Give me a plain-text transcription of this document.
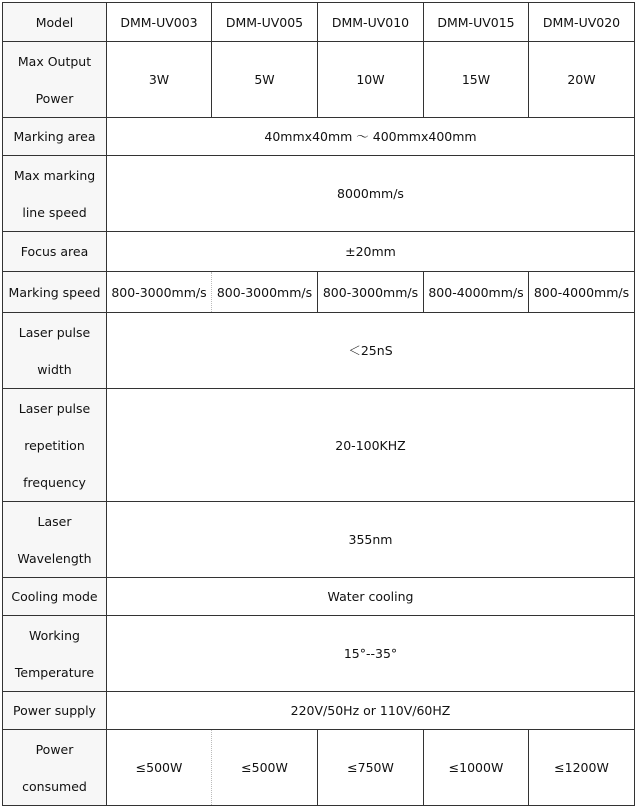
Model	DMM-UV003	DMM-UV005	DMM-UV010	DMM-UV015	DMM-UV020

Max Output
Power	3W	5W	10W	15W	20W
Marking area	40mmx40mm ～ 400mmx400mm				

Max marking
line speed	8000mm/s				
Focus area	±20mm				
Marking speed	800-3000mm/s	800-3000mm/s	800-3000mm/s	800-4000mm/s	800-4000mm/s

Laser pulse
width	＜25nS				

Laser pulse
repetition
frequency	20-100KHZ				

Laser
Wavelength	355nm				
Cooling mode	Water cooling				

Working
Temperature	15°--35°				
Power supply	220V/50Hz or 110V/60HZ				

Power
consumed	≤500W	≤500W	≤750W	≤1000W	≤1200W
